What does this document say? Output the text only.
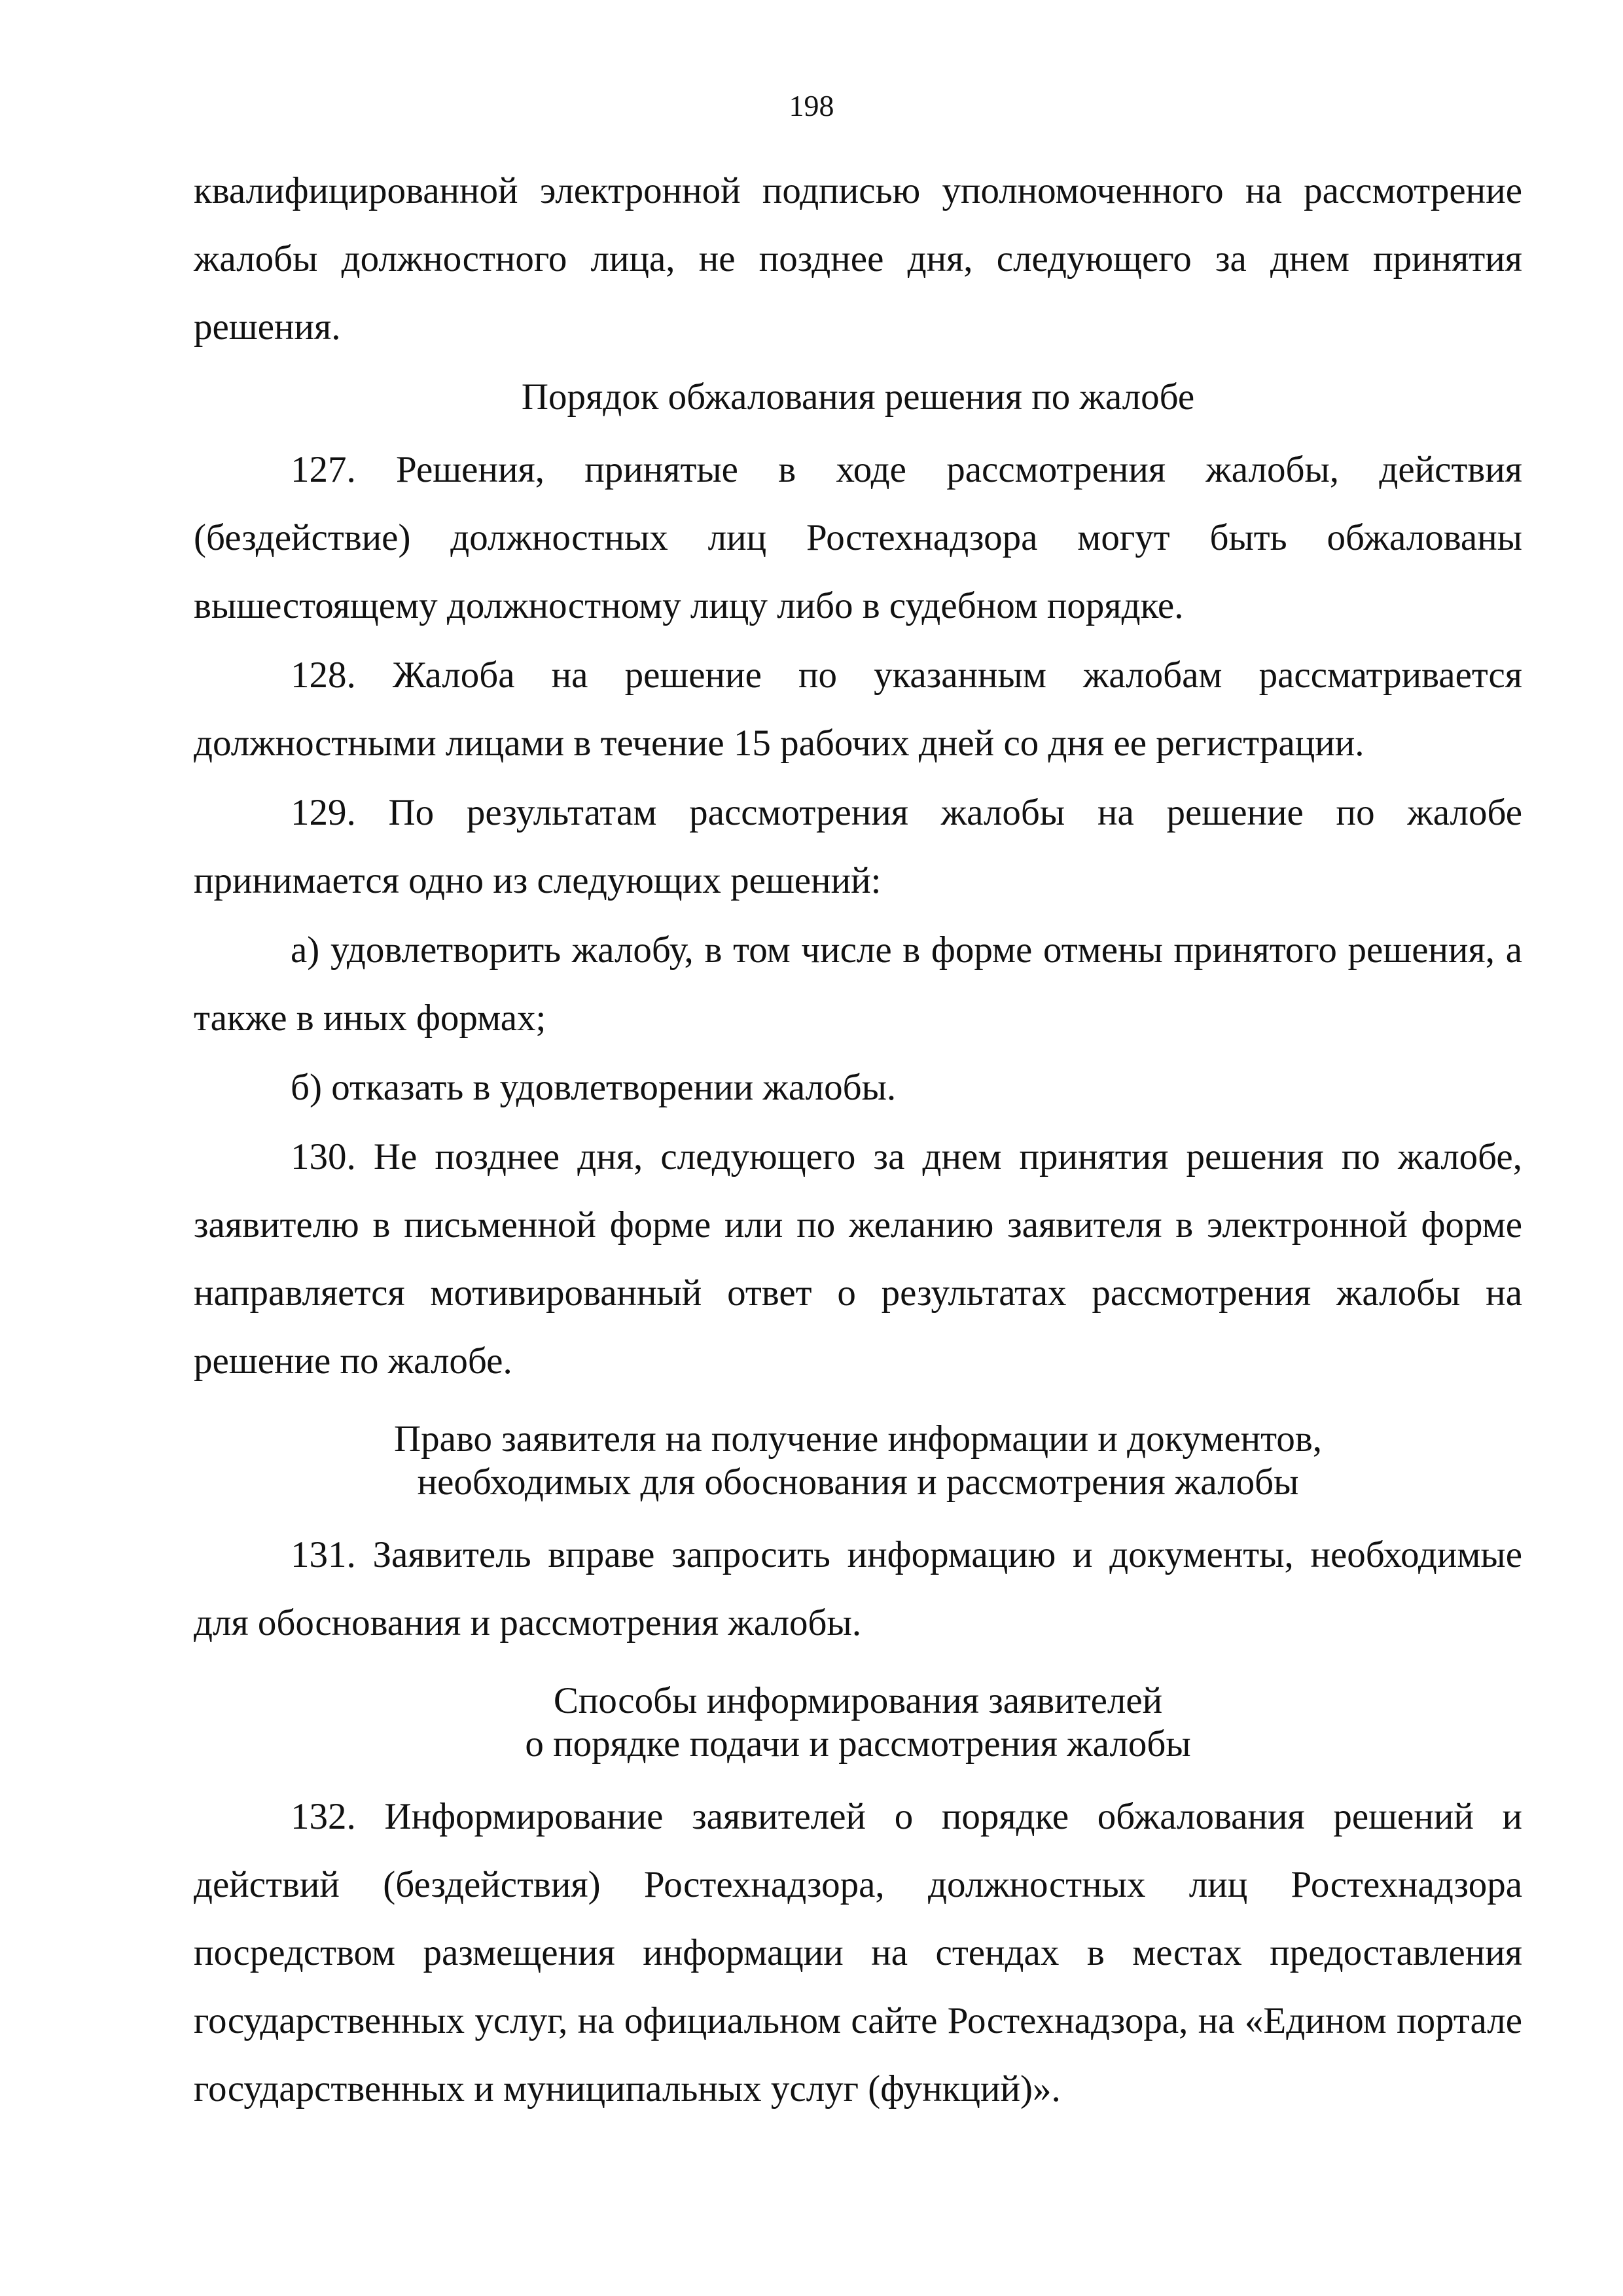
198

квалифицированной электронной подписью уполномоченного на рассмотрение жалобы должностного лица, не позднее дня, следующего за днем принятия решения.

Порядок обжалования решения по жалобе

127. Решения, принятые в ходе рассмотрения жалобы, действия (бездействие) должностных лиц Ростехнадзора могут быть обжалованы вышестоящему должностному лицу либо в судебном порядке.

128. Жалоба на решение по указанным жалобам рассматривается должностными лицами в течение 15 рабочих дней со дня ее регистрации.

129. По результатам рассмотрения жалобы на решение по жалобе принимается одно из следующих решений:

а) удовлетворить жалобу, в том числе в форме отмены принятого решения, а также в иных формах;

б) отказать в удовлетворении жалобы.

130. Не позднее дня, следующего за днем принятия решения по жалобе, заявителю в письменной форме или по желанию заявителя в электронной форме направляется мотивированный ответ о результатах рассмотрения жалобы на решение по жалобе.

Право заявителя на получение информации и документов,
необходимых для обоснования и рассмотрения жалобы

131. Заявитель вправе запросить информацию и документы, необходимые для обоснования и рассмотрения жалобы.

Способы информирования заявителей
о порядке подачи и рассмотрения жалобы

132. Информирование заявителей о порядке обжалования решений и действий (бездействия) Ростехнадзора, должностных лиц Ростехнадзора посредством размещения информации на стендах в местах предоставления государственных услуг, на официальном сайте Ростехнадзора, на «Едином портале государственных и муниципальных услуг (функций)».
